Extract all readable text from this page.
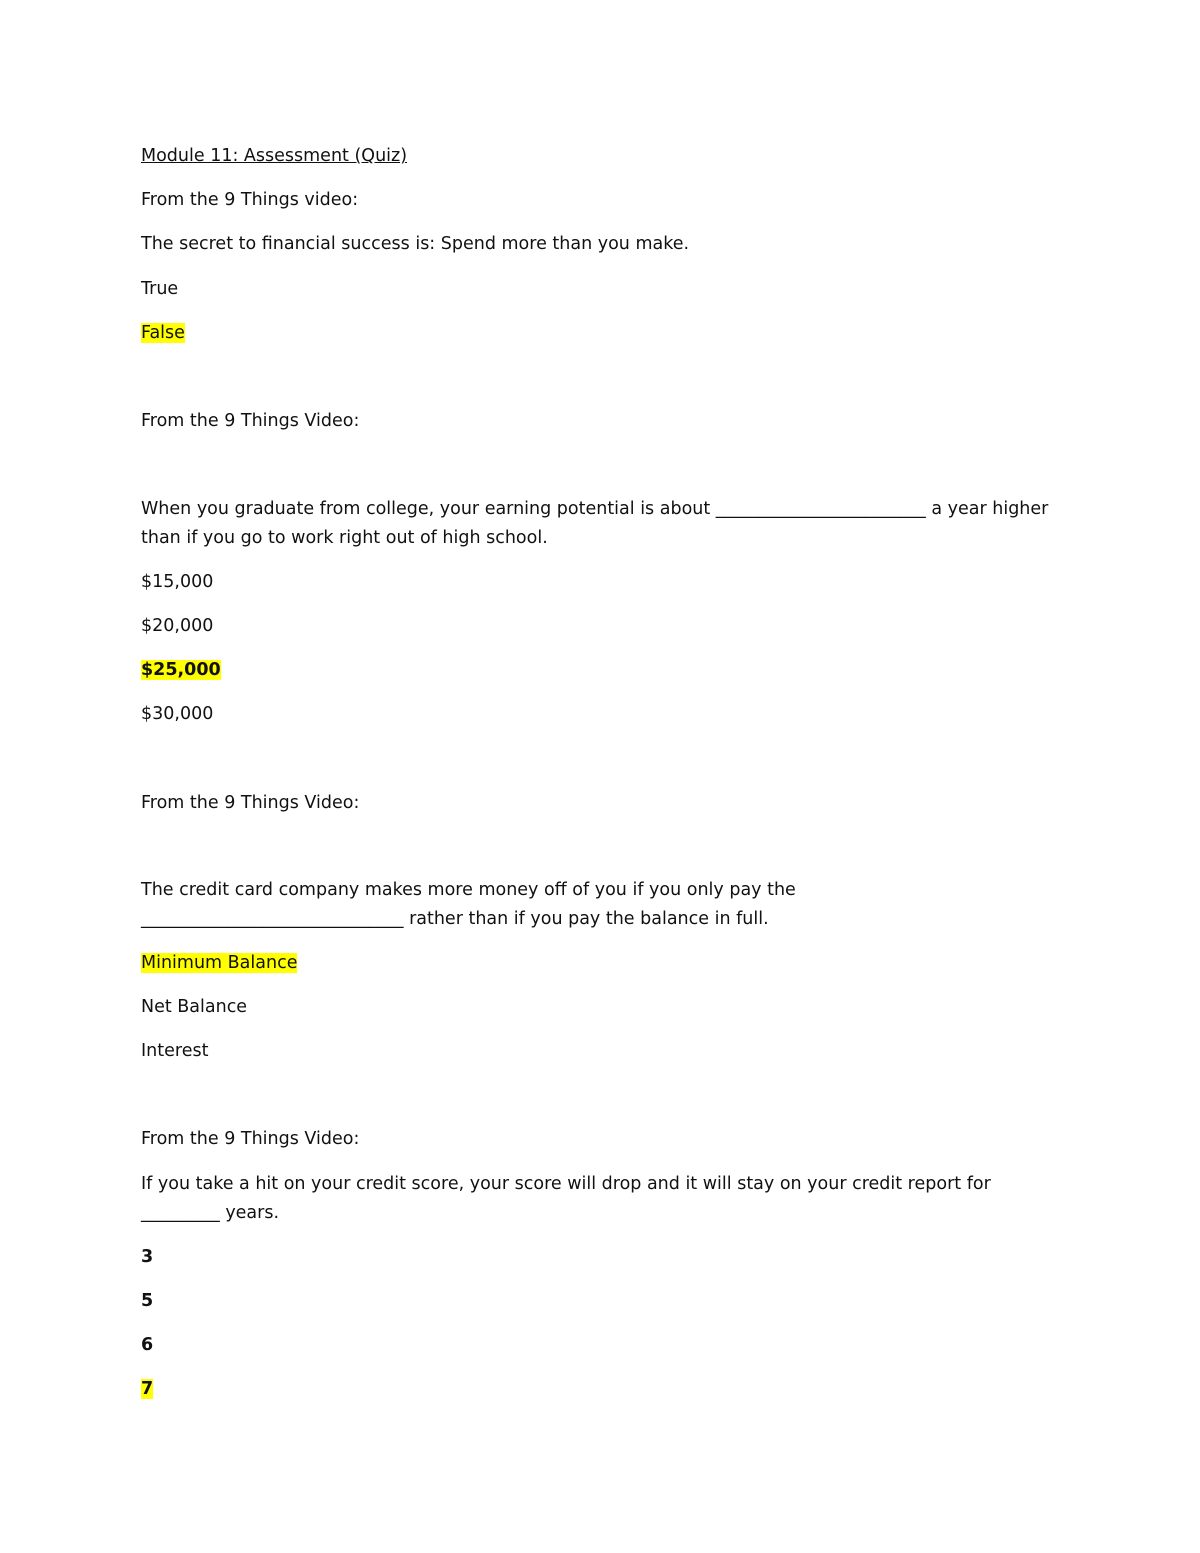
Module 11: Assessment (Quiz)
From the 9 Things video:
The secret to financial success is: Spend more than you make.
True
False
From the 9 Things Video:
When you graduate from college, your earning potential is about ________________________ a year higher
than if you go to work right out of high school.
$15,000
$20,000
$25,000
$30,000
From the 9 Things Video:
The credit card company makes more money off of you if you only pay the
______________________________ rather than if you pay the balance in full.
Minimum Balance
Net Balance
Interest
From the 9 Things Video:
If you take a hit on your credit score, your score will drop and it will stay on your credit report for
_________ years.
3
5
6
7
